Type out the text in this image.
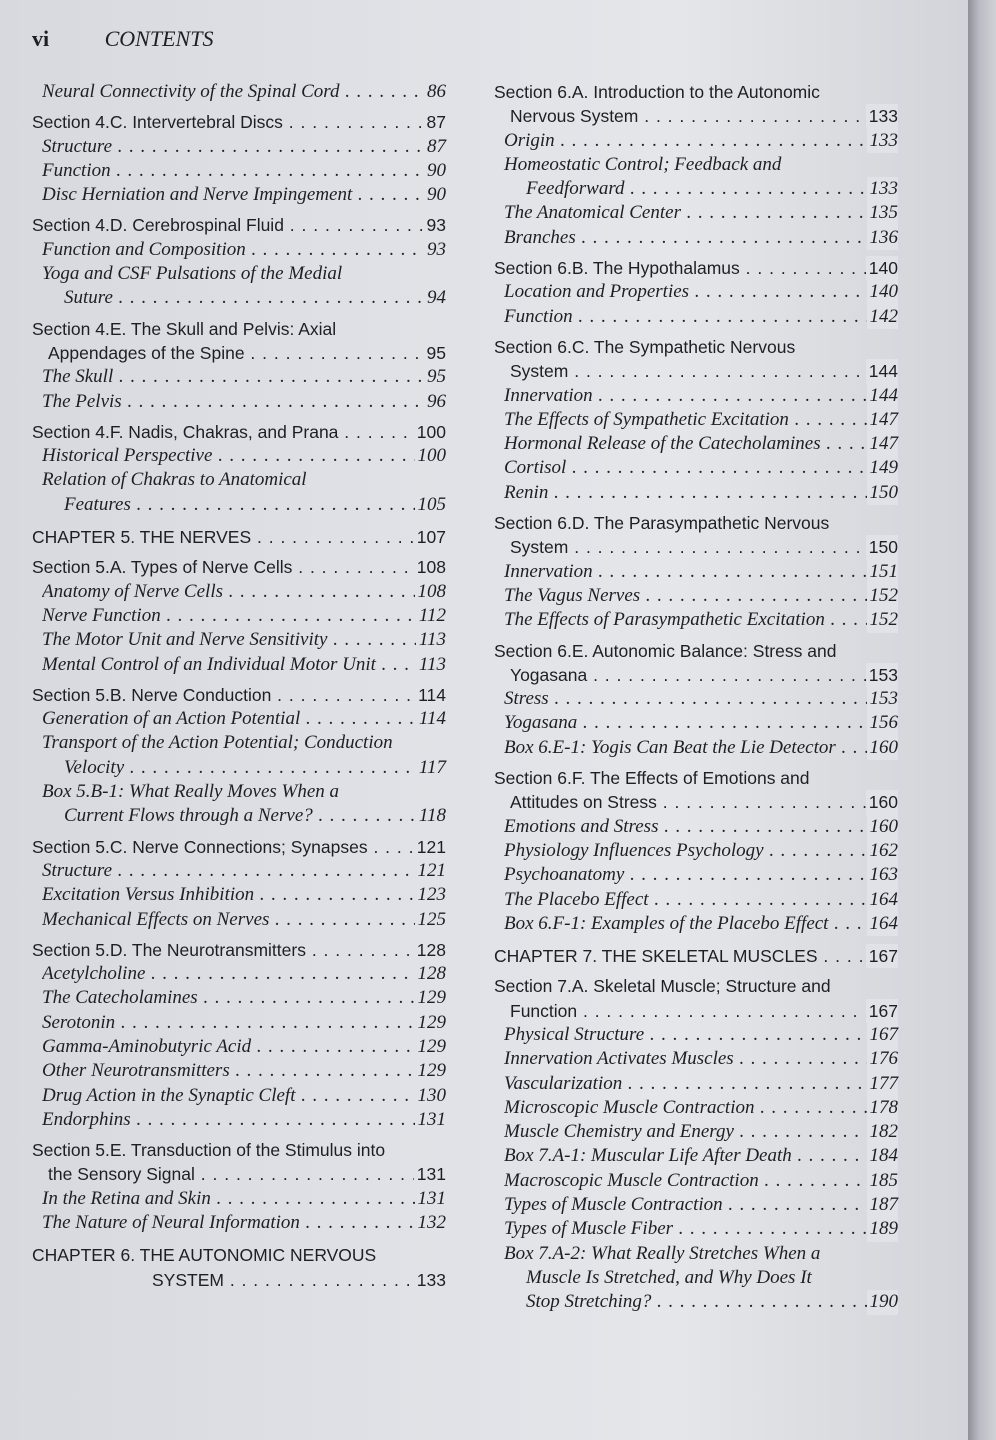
vi	CONTENTS
Neural Connectivity of the Spinal Cord . . .	86
Section 4.C. Intervertebral Discs . . .	87
Structure . . .	87
Function . . .	90
Disc Herniation and Nerve Impingement . . .	90
Section 4.D. Cerebrospinal Fluid . . .	93
Function and Composition . . .	93
Yoga and CSF Pulsations of the Medial
Suture . . .	94
Section 4.E. The Skull and Pelvis: Axial
Appendages of the Spine . . .	95
The Skull . . .	95
The Pelvis . . .	96
Section 4.F. Nadis, Chakras, and Prana . . .	100
Historical Perspective . . .	100
Relation of Chakras to Anatomical
Features . . .	105
CHAPTER 5. THE NERVES . . .	107
Section 5.A. Types of Nerve Cells . . .	108
Anatomy of Nerve Cells . . .	108
Nerve Function . . .	112
The Motor Unit and Nerve Sensitivity . . .	113
Mental Control of an Individual Motor Unit . . .	113
Section 5.B. Nerve Conduction . . .	114
Generation of an Action Potential . . .	114
Transport of the Action Potential; Conduction
Velocity . . .	117
Box 5.B-1: What Really Moves When a
Current Flows through a Nerve? . . .	118
Section 5.C. Nerve Connections; Synapses . . .	121
Structure . . .	121
Excitation Versus Inhibition . . .	123
Mechanical Effects on Nerves . . .	125
Section 5.D. The Neurotransmitters . . .	128
Acetylcholine . . .	128
The Catecholamines . . .	129
Serotonin . . .	129
Gamma-Aminobutyric Acid . . .	129
Other Neurotransmitters . . .	129
Drug Action in the Synaptic Cleft . . .	130
Endorphins . . .	131
Section 5.E. Transduction of the Stimulus into
the Sensory Signal . . .	131
In the Retina and Skin . . .	131
The Nature of Neural Information . . .	132
CHAPTER 6. THE AUTONOMIC NERVOUS
SYSTEM . . .	133
Section 6.A. Introduction to the Autonomic
Nervous System . . .	133
Origin . . .	133
Homeostatic Control; Feedback and
Feedforward . . .	133
The Anatomical Center . . .	135
Branches . . .	136
Section 6.B. The Hypothalamus . . .	140
Location and Properties . . .	140
Function . . .	142
Section 6.C. The Sympathetic Nervous
System . . .	144
Innervation . . .	144
The Effects of Sympathetic Excitation . . .	147
Hormonal Release of the Catecholamines . . .	147
Cortisol . . .	149
Renin . . .	150
Section 6.D. The Parasympathetic Nervous
System . . .	150
Innervation . . .	151
The Vagus Nerves . . .	152
The Effects of Parasympathetic Excitation . . .	152
Section 6.E. Autonomic Balance: Stress and
Yogasana . . .	153
Stress . . .	153
Yogasana . . .	156
Box 6.E-1: Yogis Can Beat the Lie Detector . . .	160
Section 6.F. The Effects of Emotions and
Attitudes on Stress . . .	160
Emotions and Stress . . .	160
Physiology Influences Psychology . . .	162
Psychoanatomy . . .	163
The Placebo Effect . . .	164
Box 6.F-1: Examples of the Placebo Effect . . .	164
CHAPTER 7. THE SKELETAL MUSCLES . . .	167
Section 7.A. Skeletal Muscle; Structure and
Function . . .	167
Physical Structure . . .	167
Innervation Activates Muscles . . .	176
Vascularization . . .	177
Microscopic Muscle Contraction . . .	178
Muscle Chemistry and Energy . . .	182
Box 7.A-1: Muscular Life After Death . . .	184
Macroscopic Muscle Contraction . . .	185
Types of Muscle Contraction . . .	187
Types of Muscle Fiber . . .	189
Box 7.A-2: What Really Stretches When a
Muscle Is Stretched, and Why Does It
Stop Stretching? . . .	190
